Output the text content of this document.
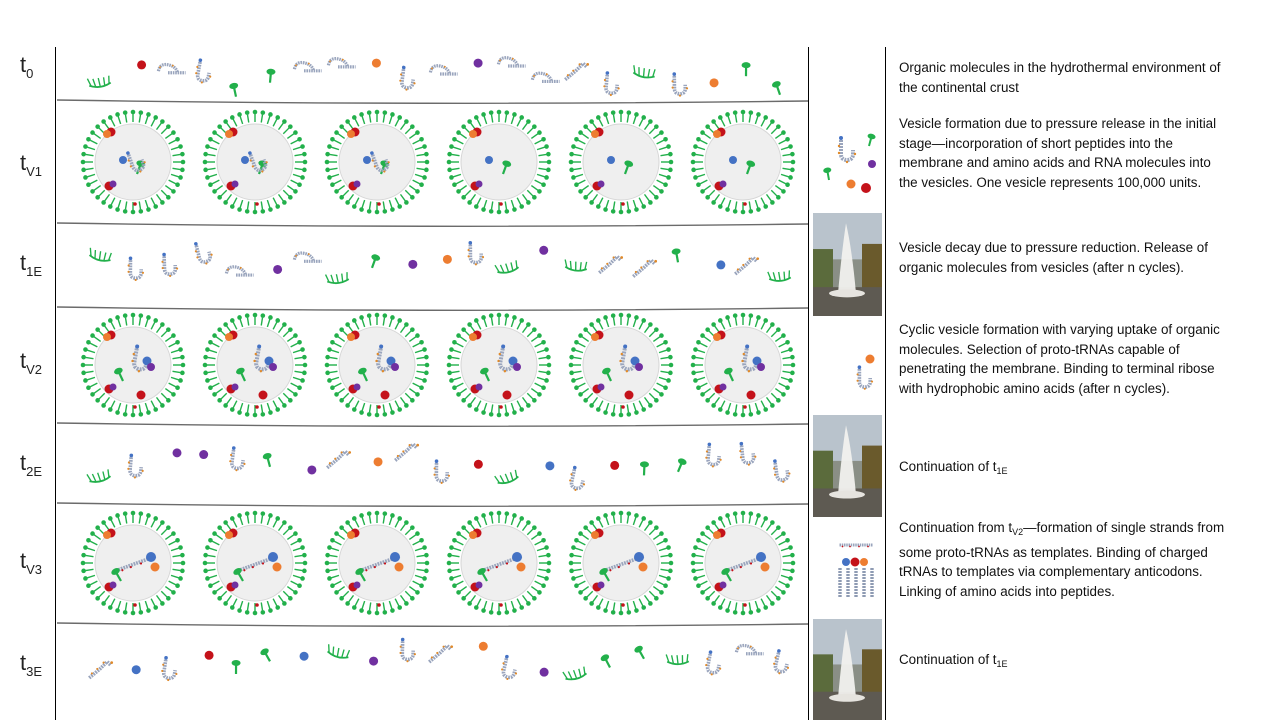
$t_0$
$t_{V1}$
$t_{1E}$
$t_{V2}$
$t_{2E}$
$t_{V3}$
$t_{3E}$
Organic molecules in the hydrothermal environment of the continental crust
Vesicle formation due to pressure release in the initial stage—incorporation of short peptides into the membrane and amino acids and RNA molecules into the vesicles. One vesicle represents 100,000 units.
Vesicle decay due to pressure reduction. Release of organic molecules from vesicles (after n cycles).
Cyclic vesicle formation with varying uptake of organic molecules. Selection of proto-tRNAs capable of penetrating the membrane. Binding to terminal ribose with hydrophobic amino acids (after n cycles).
Continuation of $t_{1E}$
Continuation from $t_{V2}—formation$ of single strands from some proto-tRNAs as templates. Binding of charged tRNAs to templates via complementary anticodons. Linking of amino acids into peptides.
Continuation of $t_{1E}$
